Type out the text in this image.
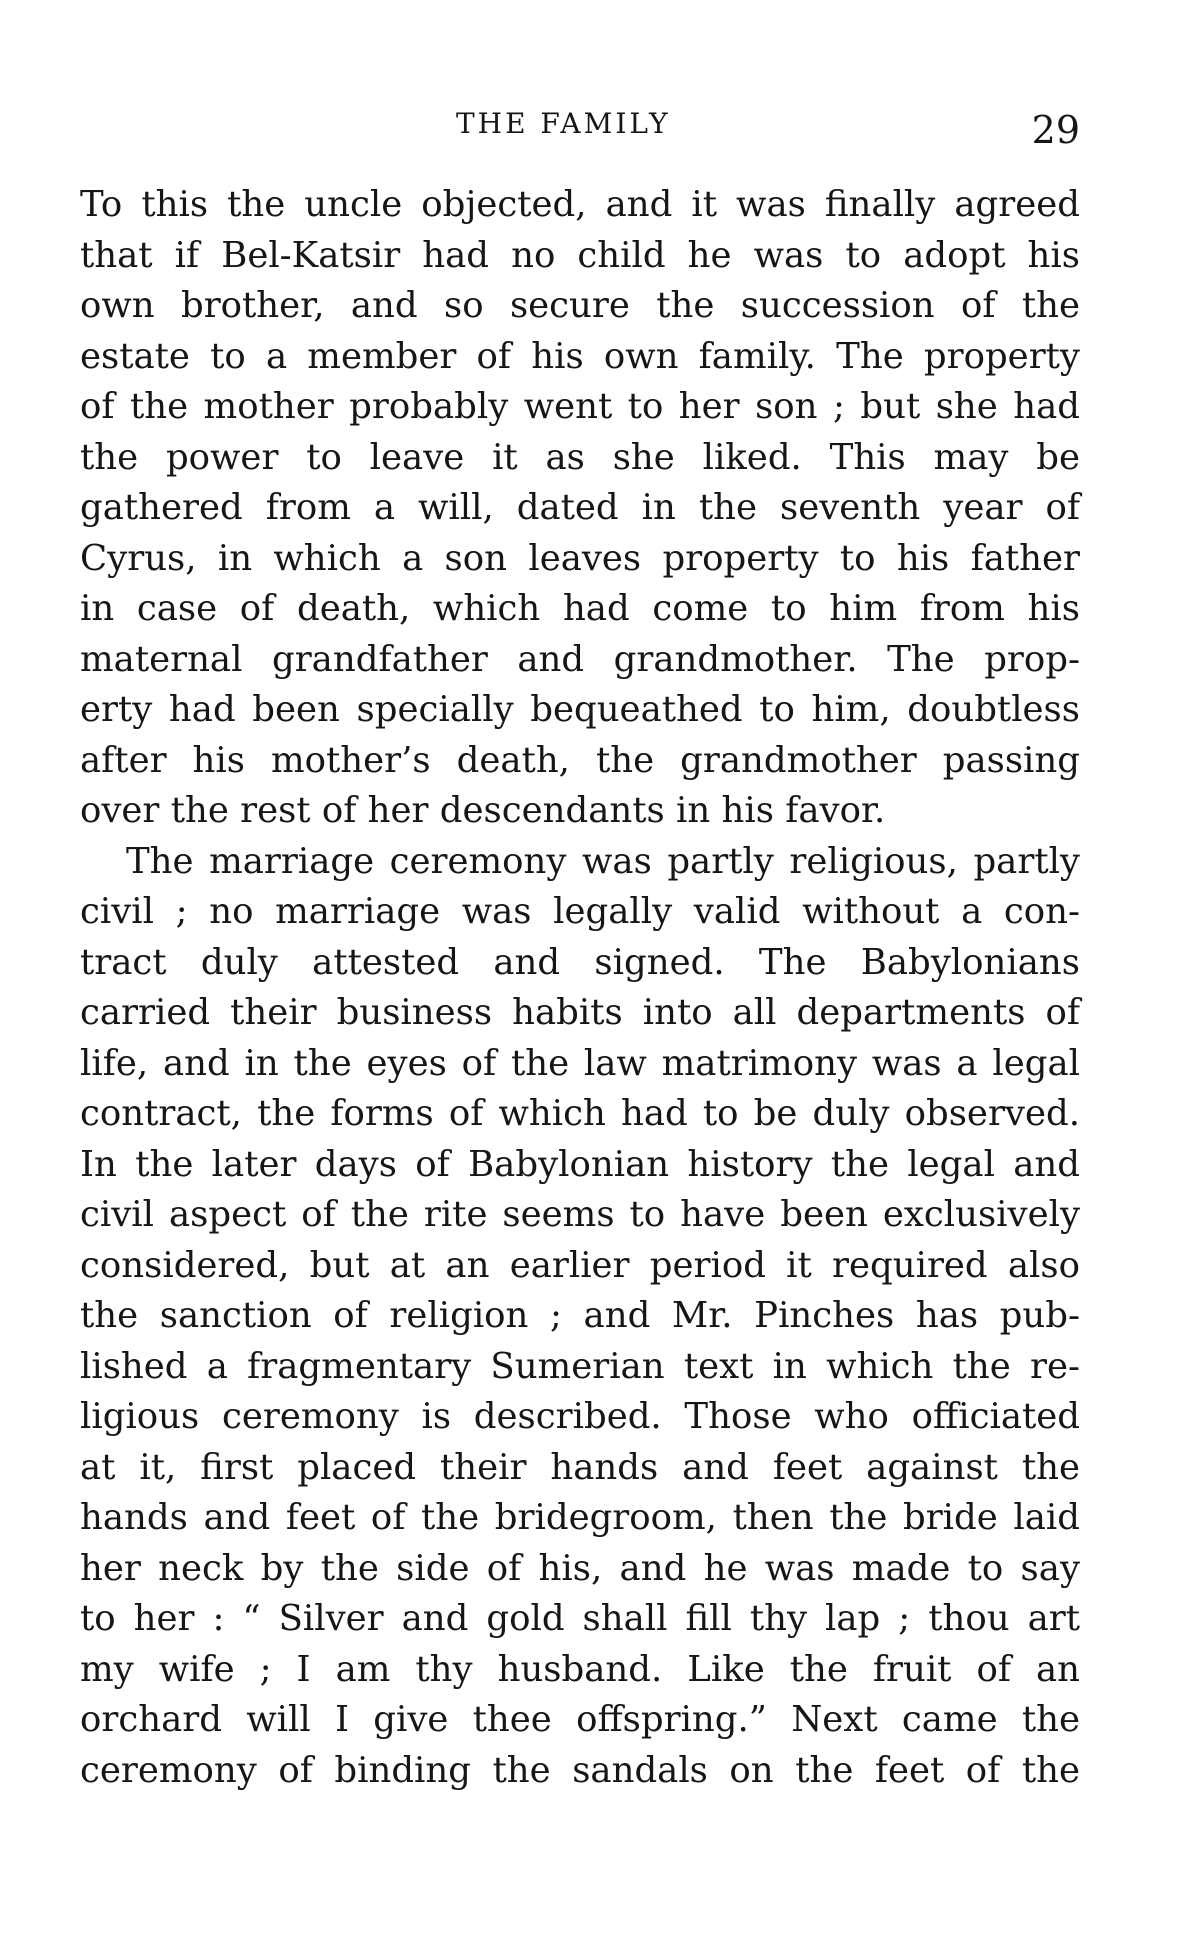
THE FAMILY	29
To this the uncle objected, and it was finally agreed
that if Bel-Katsir had no child he was to adopt his
own brother, and so secure the succession of the
estate to a member of his own family. The property
of the mother probably went to her son ; but she had
the power to leave it as she liked. This may be
gathered from a will, dated in the seventh year of
Cyrus, in which a son leaves property to his father
in case of death, which had come to him from his
maternal grandfather and grandmother. The prop-
erty had been specially bequeathed to him, doubtless
after his mother’s death, the grandmother passing
over the rest of her descendants in his favor.
The marriage ceremony was partly religious, partly
civil ; no marriage was legally valid without a con-
tract duly attested and signed. The Babylonians
carried their business habits into all departments of
life, and in the eyes of the law matrimony was a legal
contract, the forms of which had to be duly observed.
In the later days of Babylonian history the legal and
civil aspect of the rite seems to have been exclusively
considered, but at an earlier period it required also
the sanction of religion ; and Mr. Pinches has pub-
lished a fragmentary Sumerian text in which the re-
ligious ceremony is described. Those who officiated
at it, first placed their hands and feet against the
hands and feet of the bridegroom, then the bride laid
her neck by the side of his, and he was made to say
to her : “ Silver and gold shall fill thy lap ; thou art
my wife ; I am thy husband. Like the fruit of an
orchard will I give thee offspring.” Next came the
ceremony of binding the sandals on the feet of the
